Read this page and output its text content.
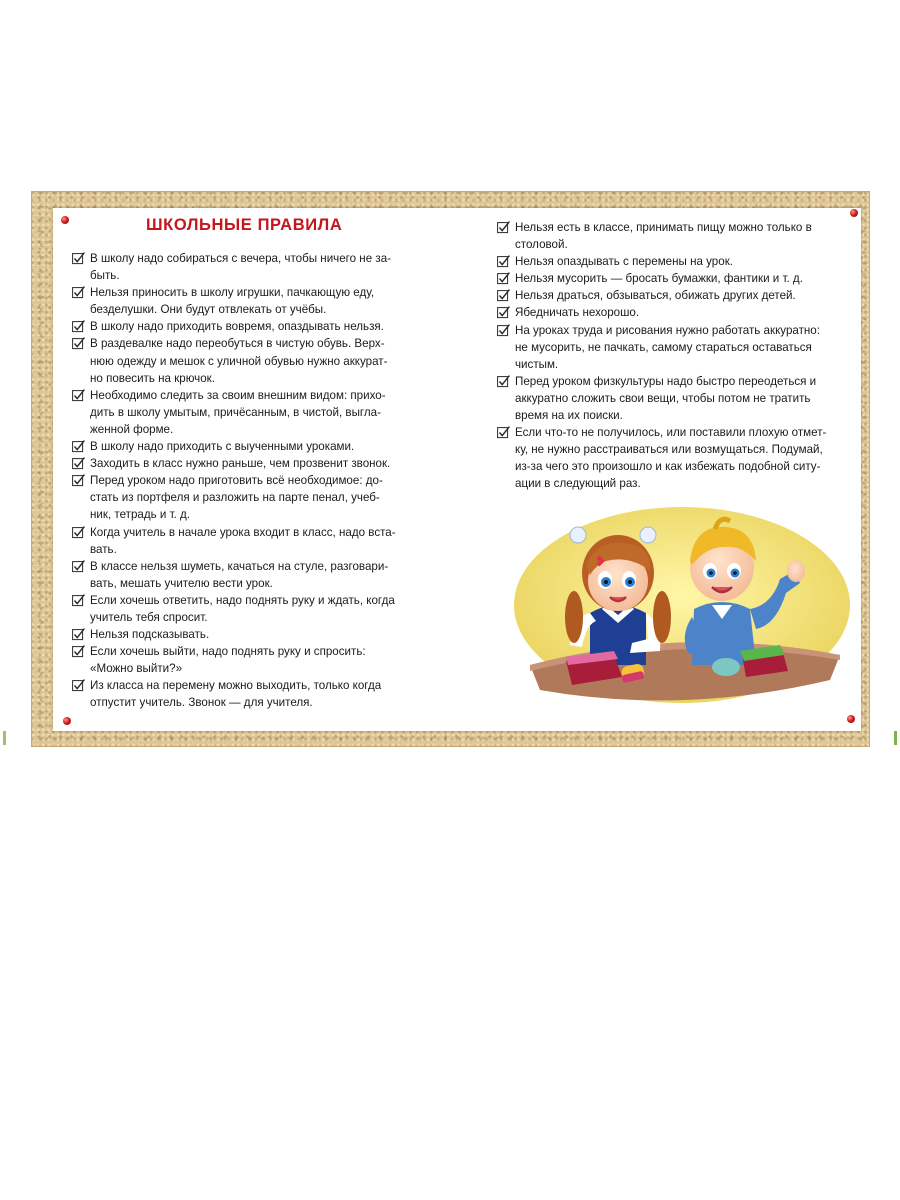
ШКОЛЬНЫЕ ПРАВИЛА
В школу надо собираться с вечера, чтобы ничего не за-
быть.
Нельзя приносить в школу игрушки, пачкающую еду,
безделушки. Они будут отвлекать от учёбы.
В школу надо приходить вовремя, опаздывать нельзя.
В раздевалке надо переобуться в чистую обувь. Верх-
нюю одежду и мешок с уличной обувью нужно аккурат-
но повесить на крючок.
Необходимо следить за своим внешним видом: прихо-
дить в школу умытым, причёсанным, в чистой, выгла-
женной форме.
В школу надо приходить с выученными уроками.
Заходить в класс нужно раньше, чем прозвенит звонок.
Перед уроком надо приготовить всё необходимое: до-
стать из портфеля и разложить на парте пенал, учеб-
ник, тетрадь и т. д.
Когда учитель в начале урока входит в класс, надо вста-
вать.
В классе нельзя шуметь, качаться на стуле, разговари-
вать, мешать учителю вести урок.
Если хочешь ответить, надо поднять руку и ждать, когда
учитель тебя спросит.
Нельзя подсказывать.
Если хочешь выйти, надо поднять руку и спросить:
«Можно выйти?»
Из класса на перемену можно выходить, только когда
отпустит учитель. Звонок — для учителя.
Нельзя есть в классе, принимать пищу можно только в
столовой.
Нельзя опаздывать с перемены на урок.
Нельзя мусорить — бросать бумажки, фантики и т. д.
Нельзя драться, обзываться, обижать других детей.
Ябедничать нехорошо.
На уроках труда и рисования нужно работать аккуратно:
не мусорить, не пачкать, самому стараться оставаться
чистым.
Перед уроком физкультуры надо быстро переодеться и
аккуратно сложить свои вещи, чтобы потом не тратить
время на их поиски.
Если что-то не получилось, или поставили плохую отмет-
ку, не нужно расстраиваться или возмущаться. Подумай,
из-за чего это произошло и как избежать подобной ситу-
ации в следующий раз.
